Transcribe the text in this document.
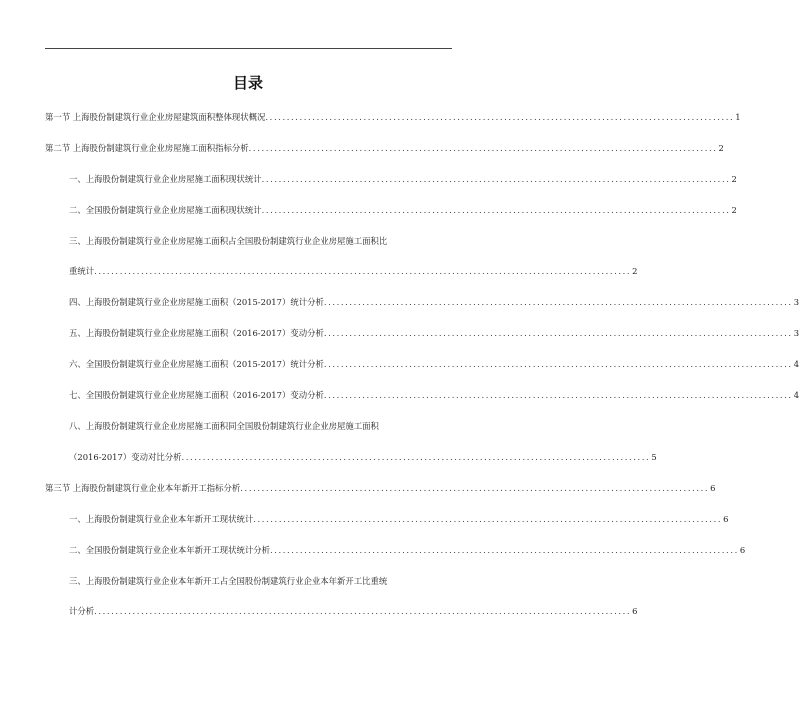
目录
第一节 上海股份制建筑行业企业房屋建筑面积整体现状概况 .............................................................................................................. 1
第二节 上海股份制建筑行业企业房屋施工面积指标分析 .............................................................................................................. 2
一、上海股份制建筑行业企业房屋施工面积现状统计 .............................................................................................................. 2
二、全国股份制建筑行业企业房屋施工面积现状统计 .............................................................................................................. 2
三、上海股份制建筑行业企业房屋施工面积占全国股份制建筑行业企业房屋施工面积比
重统计 .............................................................................................................................. 2
四、上海股份制建筑行业企业房屋施工面积（2015-2017）统计分析 .............................................................................................................. 3
五、上海股份制建筑行业企业房屋施工面积（2016-2017）变动分析 .............................................................................................................. 3
六、全国股份制建筑行业企业房屋施工面积（2015-2017）统计分析 .............................................................................................................. 4
七、全国股份制建筑行业企业房屋施工面积（2016-2017）变动分析 .............................................................................................................. 4
八、上海股份制建筑行业企业房屋施工面积同全国股份制建筑行业企业房屋施工面积
（2016-2017）变动对比分析 .............................................................................................................. 5
第三节 上海股份制建筑行业企业本年新开工指标分析 .............................................................................................................. 6
一、上海股份制建筑行业企业本年新开工现状统计 .............................................................................................................. 6
二、全国股份制建筑行业企业本年新开工现状统计分析 .............................................................................................................. 6
三、上海股份制建筑行业企业本年新开工占全国股份制建筑行业企业本年新开工比重统
计分析 .............................................................................................................................. 6
